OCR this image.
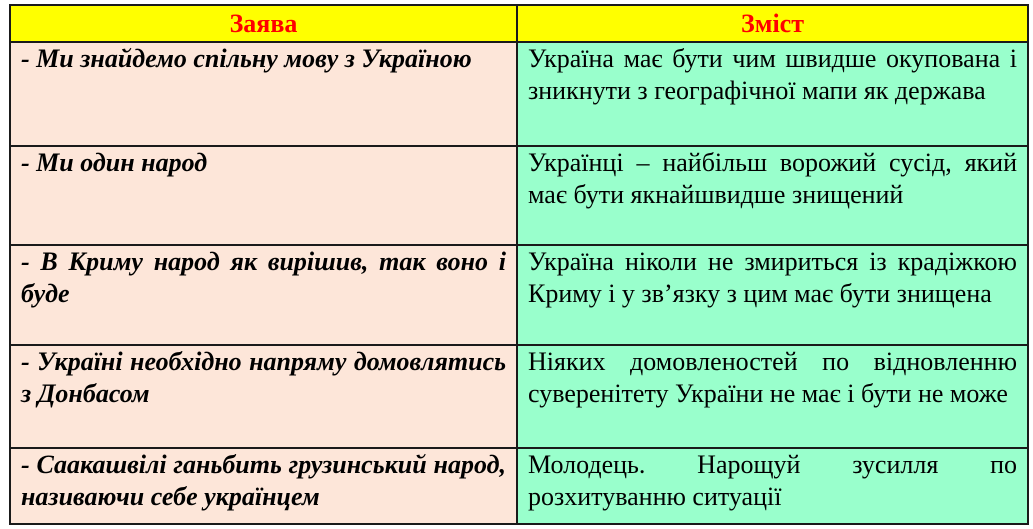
Заява	Зміст
- Ми знайдемо спільну мову з Україною	Україна має бути чим швидше окупована і зникнути з географічної мапи як держава
- Ми один народ	Українці – найбільш ворожий сусід, який має бути якнайшвидше знищений
- В Криму народ як вирішив, так воно і буде	Україна ніколи не змириться із крадіжкою Криму і у зв’язку з цим має бути знищена
- Україні необхідно напряму домовлятись з Донбасом	Ніяких домовленостей по відновленню суверенітету України не має і бути не може
- Саакашвілі ганьбить грузинський народ, називаючи себе українцем	Молодець. Нарощуй зусилля по розхитуванню ситуації
